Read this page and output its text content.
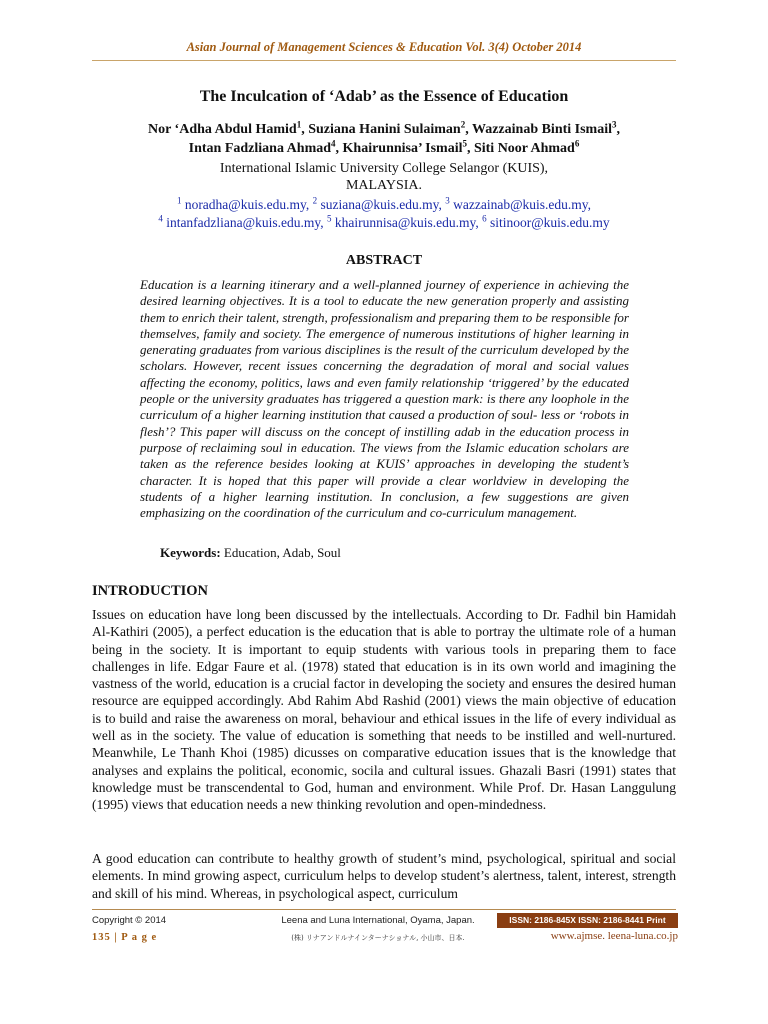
Asian Journal of Management Sciences & Education Vol. 3(4) October 2014
The Inculcation of ‘Adab’ as the Essence of Education
Nor ‘Adha Abdul Hamid$^1$, Suziana Hanini Sulaiman$^2$, Wazzainab Binti Ismail$^3$,
Intan Fadzliana Ahmad$^4$, Khairunnisa’ Ismail$^5$, Siti Noor Ahmad$^6$
International Islamic University College Selangor (KUIS),
MALAYSIA.
$^1$ noradha@kuis.edu.my, $^2$ suziana@kuis.edu.my, $^3$ wazzainab@kuis.edu.my,
$^4$ intanfadzliana@kuis.edu.my, $^5$ khairunnisa@kuis.edu.my, $^6$ sitinoor@kuis.edu.my
ABSTRACT
Education is a learning itinerary and a well-planned journey of experience in achieving the desired learning objectives. It is a tool to educate the new generation properly and assisting them to enrich their talent, strength, professionalism and preparing them to be responsible for themselves, family and society. The emergence of numerous institutions of higher learning in generating graduates from various disciplines is the result of the curriculum developed by the scholars. However, recent issues concerning the degradation of moral and social values affecting the economy, politics, laws and even family relationship ‘triggered’ by the educated people or the university graduates has triggered a question mark: is there any loophole in the curriculum of a higher learning institution that caused a production of soul- less or ‘robots in flesh’? This paper will discuss on the concept of instilling adab in the education process in purpose of reclaiming soul in education. The views from the Islamic education scholars are taken as the reference besides looking at KUIS’ approaches in developing the student’s character. It is hoped that this paper will provide a clear worldview in developing the students of a higher learning institution. In conclusion, a few suggestions are given emphasizing on the coordination of the curriculum and co-curriculum management.
Keywords: Education, Adab, Soul
INTRODUCTION
Issues on education have long been discussed by the intellectuals. According to Dr. Fadhil bin Hamidah Al-Kathiri (2005), a perfect education is the education that is able to portray the ultimate role of a human being in the society. It is important to equip students with various tools in preparing them to face challenges in life. Edgar Faure et al. (1978) stated that education is in its own world and imagining the vastness of the world, education is a crucial factor in developing the society and ensures the desired human resource are equipped accordingly. Abd Rahim Abd Rashid (2001) views the main objective of education is to build and raise the awareness on moral, behaviour and ethical issues in the life of every individual as well as in the society. The value of education is something that needs to be instilled and well-nurtured. Meanwhile, Le Thanh Khoi (1985) dicusses on comparative education issues that is the knowledge that analyses and explains the political, economic, socila and cultural issues. Ghazali Basri (1991) states that knowledge must be transcendental to God, human and environment. While Prof. Dr. Hasan Langgulung (1995) views that education needs a new thinking revolution and open-mindedness.
A good education can contribute to healthy growth of student’s mind, psychological, spiritual and social elements. In mind growing aspect, curriculum helps to develop student’s alertness, talent, interest, strength and skill of his mind. Whereas, in psychological aspect, curriculum
Copyright © 2014
135 | P a g e
Leena and Luna International, Oyama, Japan.
(株) リナアンドルナインターナショナル, 小山市、日本.
ISSN: 2186-845X ISSN: 2186-8441 Print
www.ajmse. leena-luna.co.jp
